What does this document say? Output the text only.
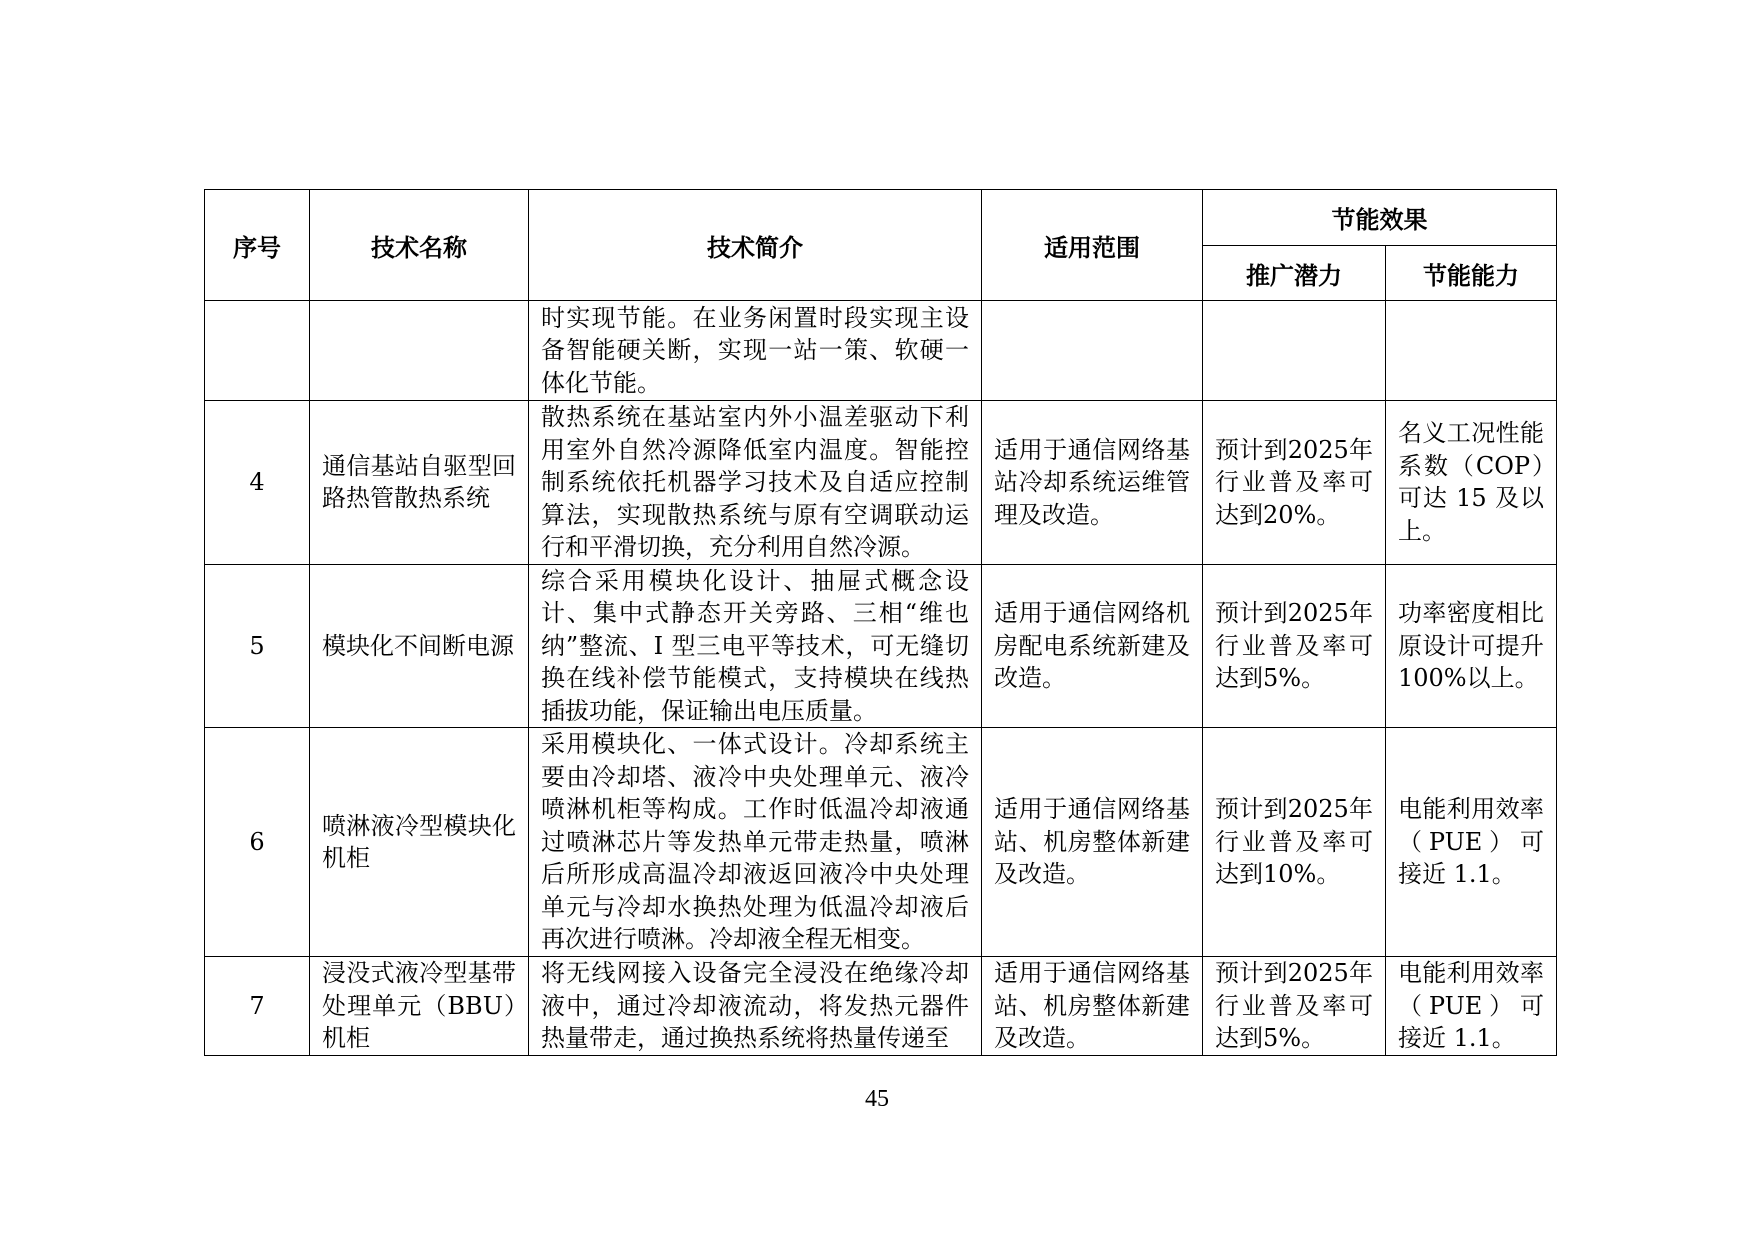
序号	技术名称	技术简介	适用范围	节能效果	
				推广潜力	节能能力
		时实现节能。在业务闲置时段实现主设备智能硬关断，实现一站一策、软硬一体化节能。			
4	通信基站自驱型回路热管散热系统	散热系统在基站室内外小温差驱动下利用室外自然冷源降低室内温度。智能控制系统依托机器学习技术及自适应控制算法，实现散热系统与原有空调联动运行和平滑切换，充分利用自然冷源。	适用于通信网络基站冷却系统运维管理及改造。	预计到2025年行业普及率可达到20%。	名义工况性能系数（COP）可达 15 及以上。
5	模块化不间断电源	综合采用模块化设计、抽屉式概念设计、集中式静态开关旁路、三相“维也纳”整流、I 型三电平等技术，可无缝切换在线补偿节能模式，支持模块在线热插拔功能，保证输出电压质量。	适用于通信网络机房配电系统新建及改造。	预计到2025年行业普及率可达到5%。	功率密度相比原设计可提升 100%以上。
6	喷淋液冷型模块化机柜	采用模块化、一体式设计。冷却系统主要由冷却塔、液冷中央处理单元、液冷喷淋机柜等构成。工作时低温冷却液通过喷淋芯片等发热单元带走热量，喷淋后所形成高温冷却液返回液冷中央处理单元与冷却水换热处理为低温冷却液后再次进行喷淋。冷却液全程无相变。	适用于通信网络基站、机房整体新建及改造。	预计到2025年行业普及率可达到10%。	电能利用效率（PUE）可接近 1.1。
7	浸没式液冷型基带处理单元（BBU）机柜	将无线网接入设备完全浸没在绝缘冷却液中，通过冷却液流动，将发热元器件热量带走，通过换热系统将热量传递至	适用于通信网络基站、机房整体新建及改造。	预计到2025年行业普及率可达到5%。	电能利用效率（PUE）可接近 1.1。
45
